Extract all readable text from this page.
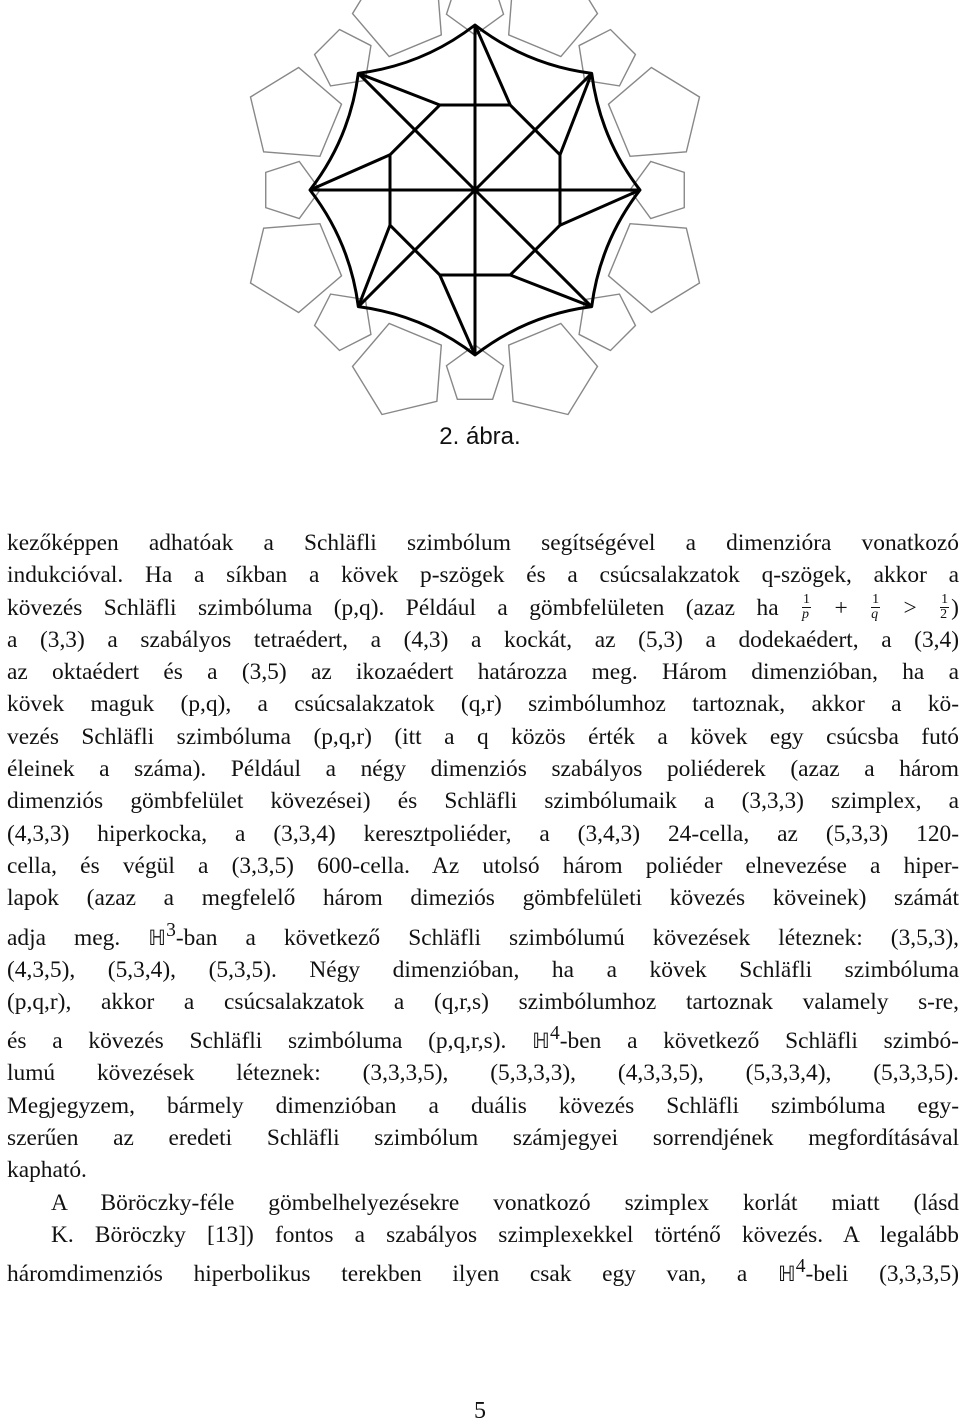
2. ábra.

kezőképpen adhatóak a Schläfli szimbólum segítségével a dimenzióra vonatkozó
indukcióval. Ha a síkban a kövek p-szögek és a csúcsalakzatok q-szögek, akkor a
kövezés Schläfli szimbóluma (p,q). Például a gömbfelületen (azaz ha $\frac{1}{p} + \frac{1}{q} > \frac{1}{2}$ )
a (3,3) a szabályos tetraédert, a (4,3) a kockát, az (5,3) a dodekaédert, a (3,4)
az oktaédert és a (3,5) az ikozaédert határozza meg. Három dimenzióban, ha a
kövek maguk (p,q), a csúcsalakzatok (q,r) szimbólumhoz tartoznak, akkor a kö-
vezés Schläfli szimbóluma (p,q,r) (itt a q közös érték a kövek egy csúcsba futó
éleinek a száma). Például a négy dimenziós szabályos poliéderek (azaz a három
dimenziós gömbfelület kövezései) és Schläfli szimbólumaik a (3,3,3) szimplex, a
(4,3,3) hiperkocka, a (3,3,4) keresztpoliéder, a (3,4,3) 24-cella, az (5,3,3) 120-
cella, és végül a (3,3,5) 600-cella. Az utolsó három poliéder elnevezése a hiper-
lapok (azaz a megfelelő három dimeziós gömbfelületi kövezés köveinek) számát
adja meg. ℍ$^3$-ban a következő Schläfli szimbólumú kövezések léteznek: (3,5,3),
(4,3,5), (5,3,4), (5,3,5). Négy dimenzióban, ha a kövek Schläfli szimbóluma
(p,q,r), akkor a csúcsalakzatok a (q,r,s) szimbólumhoz tartoznak valamely s-re,
és a kövezés Schläfli szimbóluma (p,q,r,s). ℍ$^4$-ben a következő Schläfli szimbó-
lumú kövezések léteznek: (3,3,3,5), (5,3,3,3), (4,3,3,5), (5,3,3,4), (5,3,3,5).
Megjegyzem, bármely dimenzióban a duális kövezés Schläfli szimbóluma egy-
szerűen az eredeti Schläfli szimbólum számjegyei sorrendjének megfordításával
kapható.

A Böröczky-féle gömbelhelyezésekre vonatkozó szimplex korlát miatt (lásd
K. Böröczky [13]) fontos a szabályos szimplexekkel történő kövezés. A legalább
háromdimenziós hiperbolikus terekben ilyen csak egy van, a ℍ$^4$-beli (3,3,3,5)

5
